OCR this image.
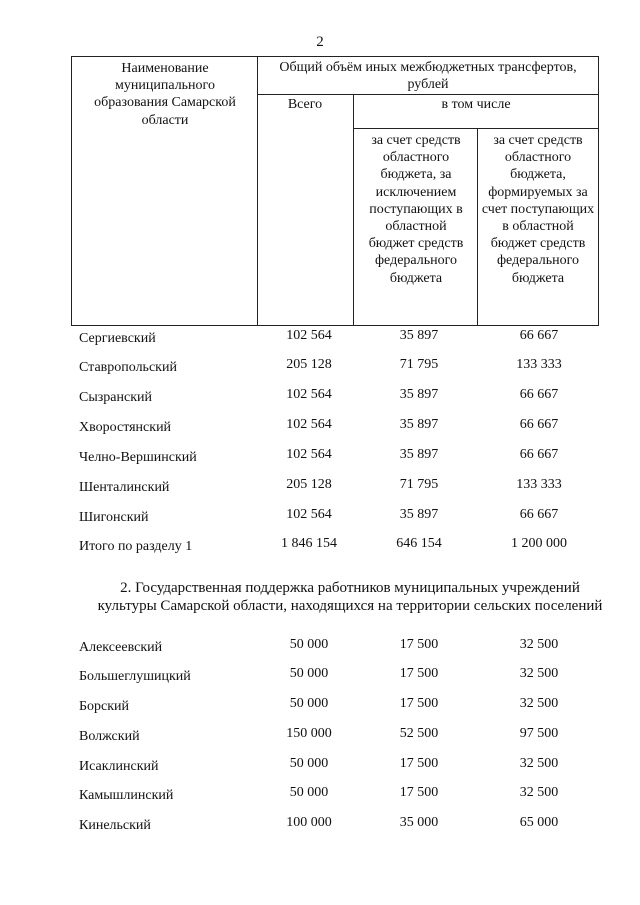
2
Наименование муниципального образования Самарской области
Общий объём иных межбюджетных трансфертов, рублей
Всего	в том числе
за счет средств областного бюджета, за исключением поступающих в областной бюджет средств федерального бюджета
за счет средств областного бюджета, формируемых за счет поступающих в областной бюджет средств федерального бюджета
Сергиевский	102 564	35 897	66 667
Ставропольский	205 128	71 795	133 333
Сызранский	102 564	35 897	66 667
Хворостянский	102 564	35 897	66 667
Челно-Вершинский	102 564	35 897	66 667
Шенталинский	205 128	71 795	133 333
Шигонский	102 564	35 897	66 667
Итого по разделу 1	1 846 154	646 154	1 200 000
2. Государственная поддержка работников муниципальных учреждений культуры Самарской области, находящихся на территории сельских поселений
Алексеевский	50 000	17 500	32 500
Большеглушицкий	50 000	17 500	32 500
Борский	50 000	17 500	32 500
Волжский	150 000	52 500	97 500
Исаклинский	50 000	17 500	32 500
Камышлинский	50 000	17 500	32 500
Кинельский	100 000	35 000	65 000
